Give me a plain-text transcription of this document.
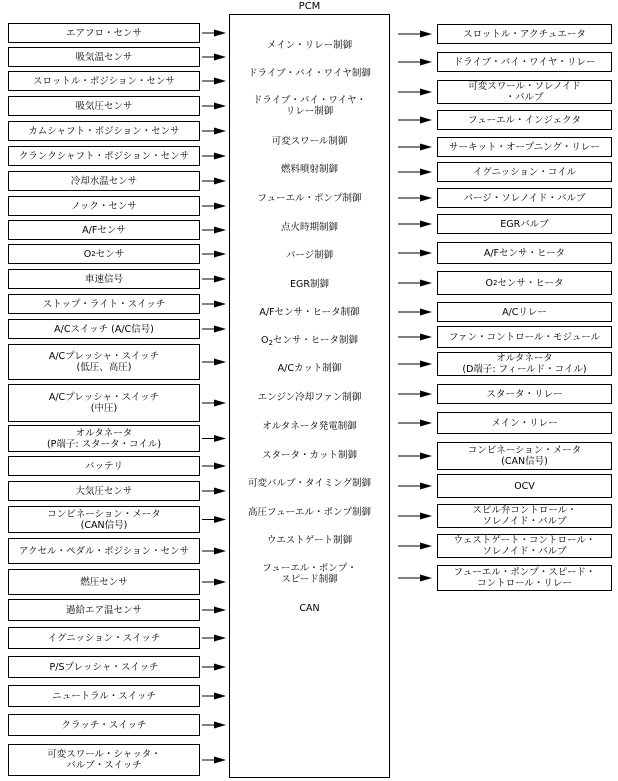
PCM
エアフロ・センサ
吸気温センサ
スロットル・ポジション・センサ
吸気圧センサ
カムシャフト・ポジション・センサ
クランクシャフト・ポジション・センサ
冷却水温センサ
ノック・センサ
A/Fセンサ
O 2 センサ
車速信号
ストップ・ライト・スイッチ
A/Cスイッチ (A/C信号)
A/Cプレッシャ・スイッチ
(低圧、高圧)
A/Cプレッシャ・スイッチ
(中圧)
オルタネータ
(P端子: スタータ・コイル)
バッテリ
大気圧センサ
コンビネーション・メータ
(CAN信号)
アクセル・ペダル・ポジション・センサ
燃圧センサ
過給エア温センサ
イグニッション・スイッチ
P/Sプレッシャ・スイッチ
ニュートラル・スイッチ
クラッチ・スイッチ
可変スワール・シャッタ・
バルブ・スイッチ
メイン・リレー制御
ドライブ・バイ・ワイヤ制御
ドライブ・バイ・ワイヤ・
リレー制御
可変スワール制御
燃料噴射制御
フューエル・ポンプ制御
点火時期制御
パージ制御
EGR制御
A/Fセンサ・ヒータ制御
$O_2$センサ・ヒータ制御
A/Cカット制御
エンジン冷却ファン制御
オルタネータ発電制御
スタータ・カット制御
可変バルブ・タイミング制御
高圧フューエル・ポンプ制御
ウエストゲート制御
フューエル・ポンプ・
スピード制御
CAN
スロットル・アクチュエータ
ドライブ・バイ・ワイヤ・リレー
可変スワール・ソレノイド
・バルブ
フューエル・インジェクタ
サーキット・オープニング・リレー
イグニッション・コイル
パージ・ソレノイド・バルブ
EGRバルブ
A/Fセンサ・ヒータ
O 2 センサ・ヒータ
A/Cリレー
ファン・コントロール・モジュール
オルタネータ
(D端子: フィールド・コイル)
スタータ・リレー
メイン・リレー
コンビネーション・メータ
(CAN信号)
OCV
スピル弁コントロール・
ソレノイド・バルブ
ウェストゲート・コントロール・
ソレノイド・バルブ
フューエル・ポンプ・スピード・
コントロール・リレー
